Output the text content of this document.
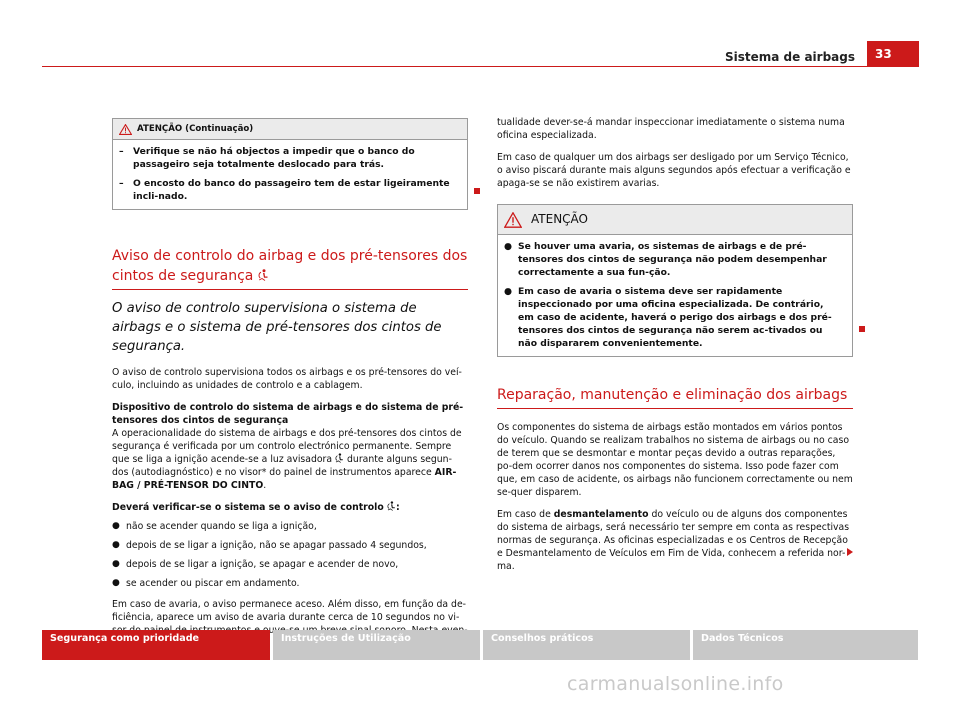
Sistema de airbags	33
ATENÇÃO (Continuação)
–	Verifique se não há objectos a impedir que o banco do passageiro seja totalmente deslocado para trás.
–	O encosto do banco do passageiro tem de estar ligeiramente incli-nado.
Aviso de controlo do airbag e dos pré-tensores dos cintos de segurança
O aviso de controlo supervisiona o sistema de airbags e o sistema de pré-tensores dos cintos de segurança.

O aviso de controlo supervisiona todos os airbags e os pré-tensores do veí-culo, incluindo as unidades de controlo e a cablagem.

Dispositivo de controlo do sistema de airbags e do sistema de pré-tensores dos cintos de segurança

A operacionalidade do sistema de airbags e dos pré-tensores dos cintos de segurança é verificada por um controlo electrónico permanente. Sempre que se liga a ignição acende-se a luz avisadora durante alguns segun-dos (autodiagnóstico) e no visor* do painel de instrumentos aparece AIR-BAG / PRÉ-TENSOR DO CINTO.

Deverá verificar-se o sistema se o aviso de controlo :

● não se acender quando se liga a ignição,
● depois de se ligar a ignição, não se apagar passado 4 segundos,
● depois de se ligar a ignição, se apagar e acender de novo,
● se acender ou piscar em andamento.

Em caso de avaria, o aviso permanece aceso. Além disso, em função da de-ficiência, aparece um aviso de avaria durante cerca de 10 segundos no vi-

tualidade dever-se-á mandar inspeccionar imediatamente o sistema numa oficina especializada.

Em caso de qualquer um dos airbags ser desligado por um Serviço Técnico, o aviso piscará durante mais alguns segundos após efectuar a verificação e apaga-se se não existirem avarias.

ATENÇÃO
● Se houver uma avaria, os sistemas de airbags e de pré-tensores dos cintos de segurança não podem desempenhar correctamente a sua fun-ção.
● Em caso de avaria o sistema deve ser rapidamente inspeccionado por uma oficina especializada. De contrário, em caso de acidente, haverá o perigo dos airbags e dos pré-tensores dos cintos de segurança não serem ac-tivados ou não dispararem convenientemente.
Reparação, manutenção e eliminação dos airbags

Os componentes do sistema de airbags estão montados em vários pontos do veículo. Quando se realizam trabalhos no sistema de airbags ou no caso de terem que se desmontar e montar peças devido a outras reparações, po-dem ocorrer danos nos componentes do sistema. Isso pode fazer com que, em caso de acidente, os airbags não funcionem correctamente ou nem se-quer disparem.

Em caso de desmantelamento do veículo ou de alguns dos componentes do sistema de airbags, será necessário ter sempre em conta as respectivas normas de segurança. As oficinas especializadas e os Centros de Recepção e Desmantelamento de Veículos em Fim de Vida, conhecem a referida nor-ma.

Segurança como prioridade	Instruções de Utilização	Conselhos práticos	Dados Técnicos
carmanualsonline.info
